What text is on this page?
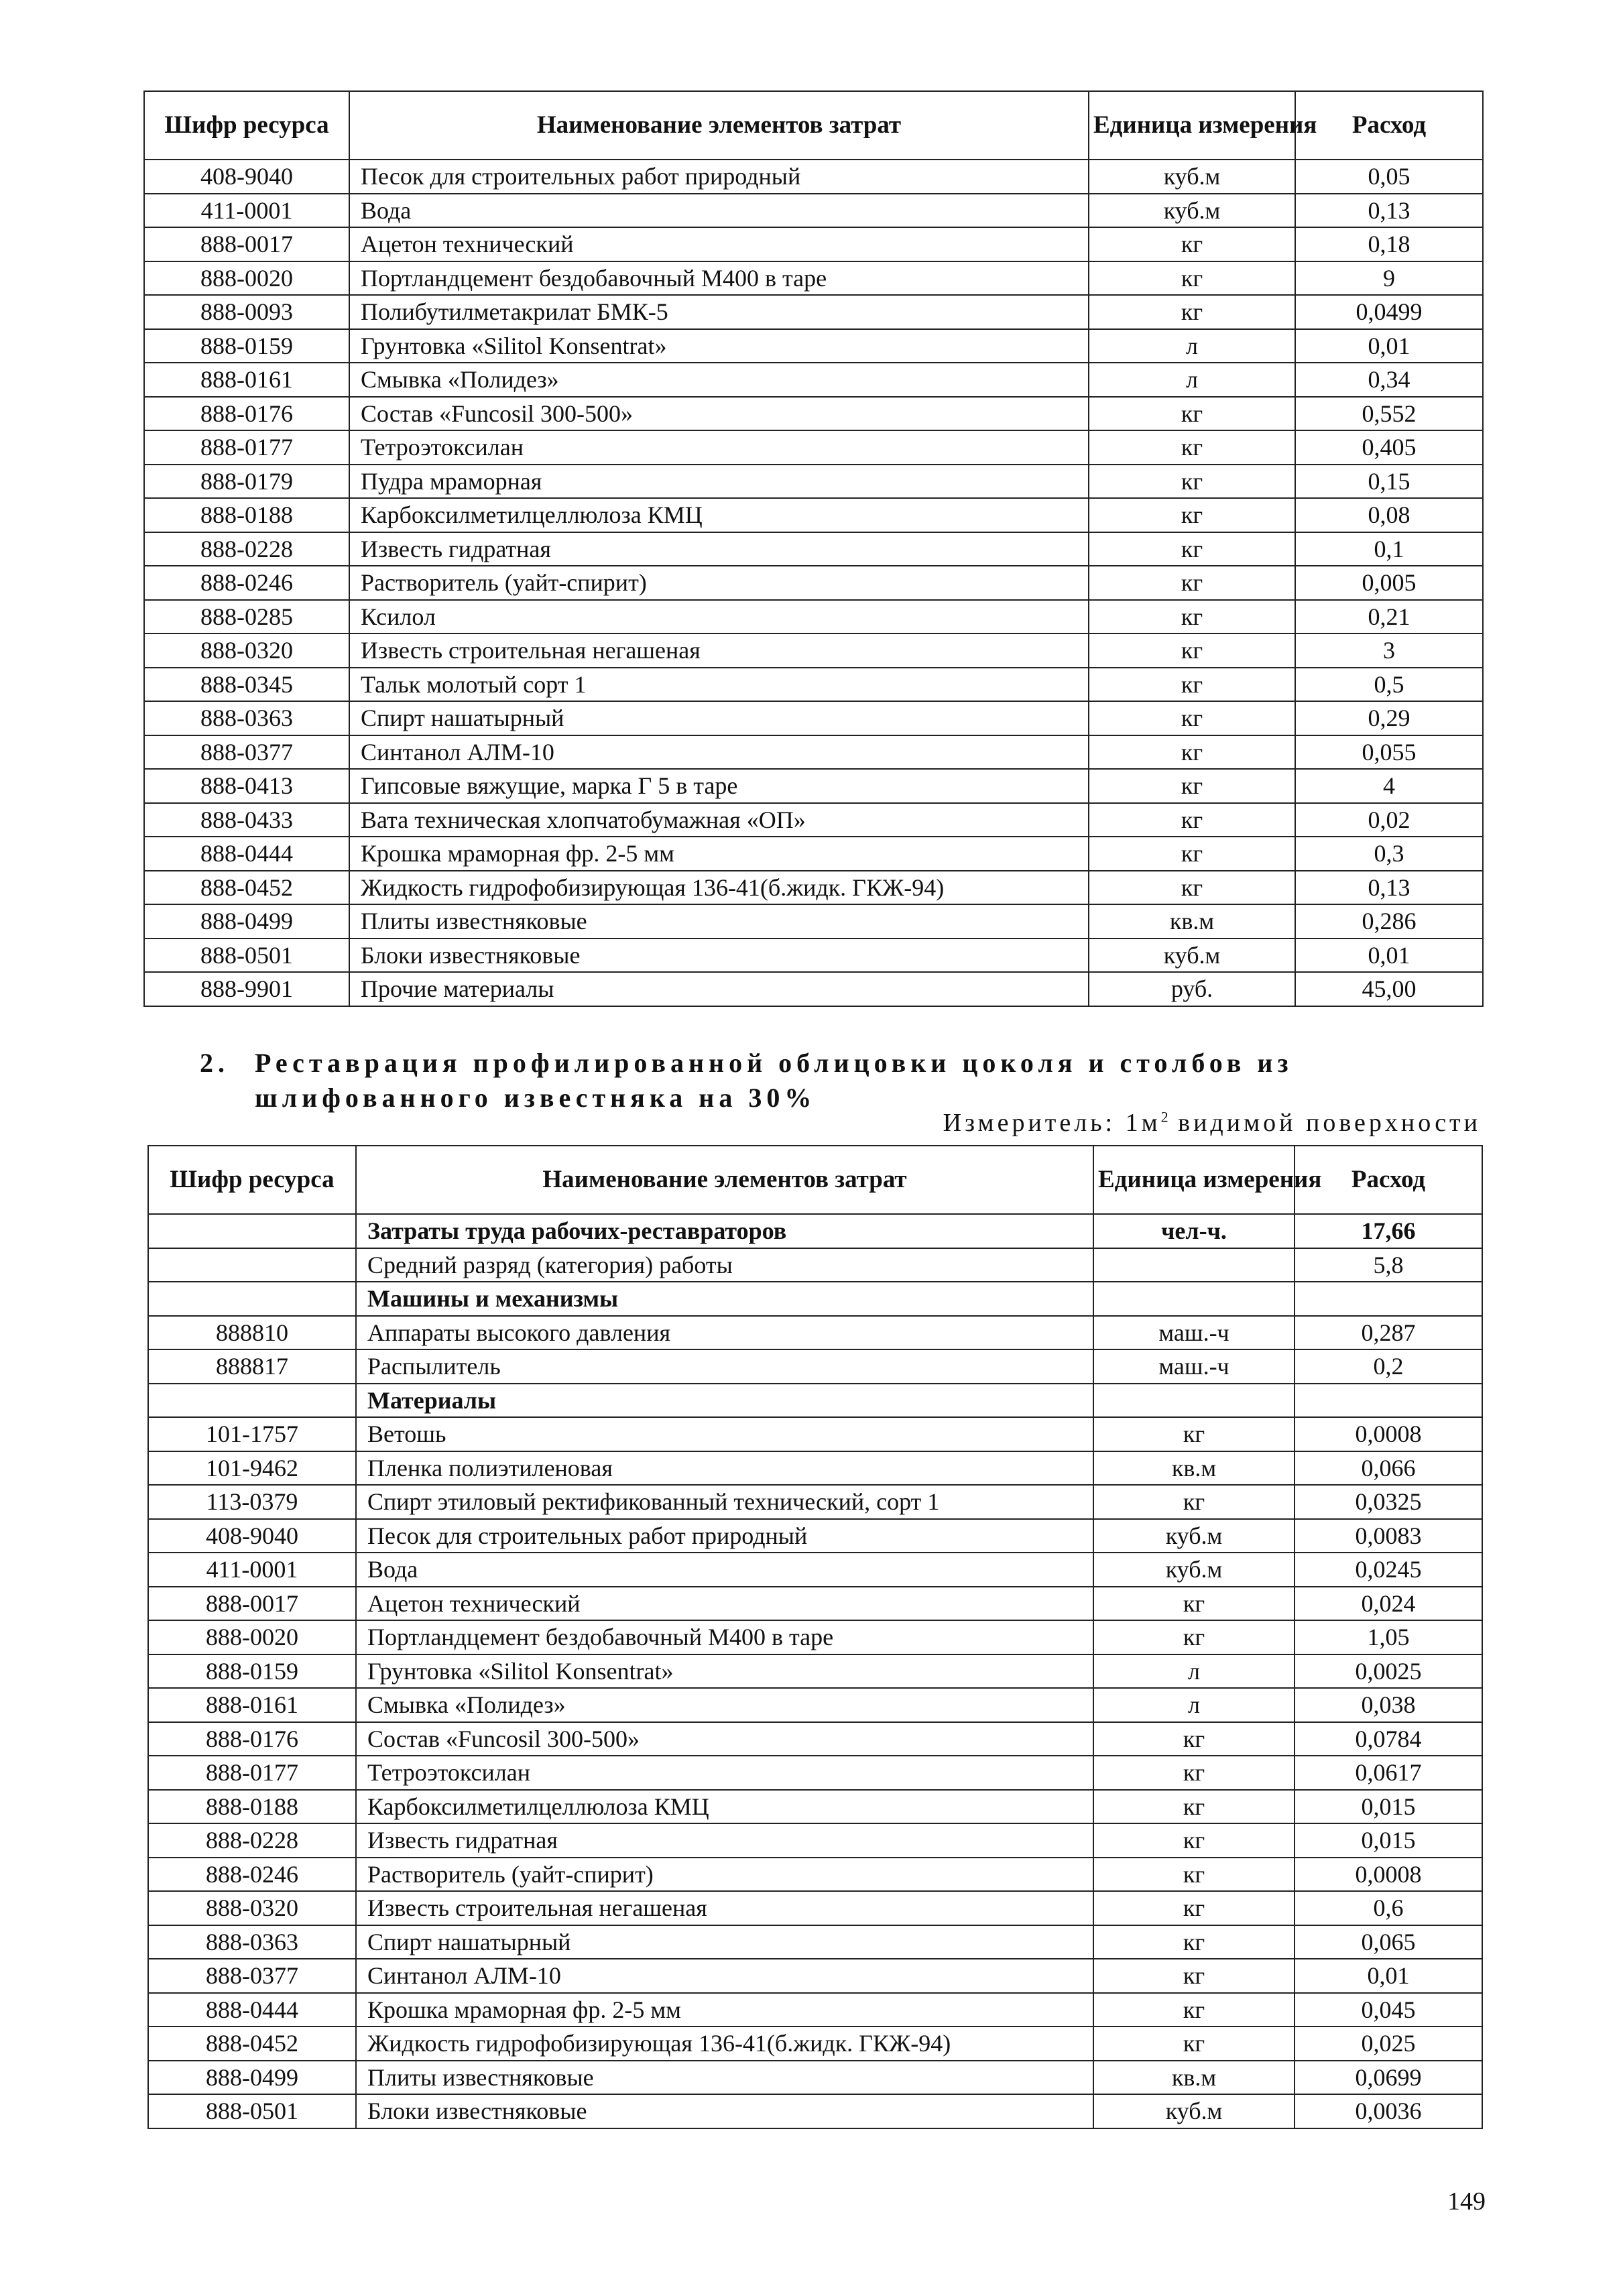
Шифр ресурса	Наименование элементов затрат	Единица измерения	Расход
408-9040	Песок для строительных работ природный	куб.м	0,05
411-0001	Вода	куб.м	0,13
888-0017	Ацетон технический	кг	0,18
888-0020	Портландцемент бездобавочный М400 в таре	кг	9
888-0093	Полибутилметакрилат БМК-5	кг	0,0499
888-0159	Грунтовка «Silitol Konsentrat»	л	0,01
888-0161	Смывка «Полидез»	л	0,34
888-0176	Состав «Funcosil 300-500»	кг	0,552
888-0177	Тетроэтоксилан	кг	0,405
888-0179	Пудра мраморная	кг	0,15
888-0188	Карбоксилметилцеллюлоза КМЦ	кг	0,08
888-0228	Известь гидратная	кг	0,1
888-0246	Растворитель (уайт-спирит)	кг	0,005
888-0285	Ксилол	кг	0,21
888-0320	Известь строительная негашеная	кг	3
888-0345	Тальк молотый сорт 1	кг	0,5
888-0363	Спирт нашатырный	кг	0,29
888-0377	Синтанол АЛМ-10	кг	0,055
888-0413	Гипсовые вяжущие, марка Г 5 в таре	кг	4
888-0433	Вата техническая хлопчатобумажная «ОП»	кг	0,02
888-0444	Крошка мраморная фр. 2-5 мм	кг	0,3
888-0452	Жидкость гидрофобизирующая 136-41(б.жидк. ГКЖ-94)	кг	0,13
888-0499	Плиты известняковые	кв.м	0,286
888-0501	Блоки известняковые	куб.м	0,01
888-9901	Прочие материалы	руб.	45,00
2. Реставрация профилированной облицовки цоколя и столбов из шлифованного известняка на 30%
Измеритель: $1м^2$ видимой поверхности
Шифр ресурса	Наименование элементов затрат	Единица измерения	Расход
	Затраты труда рабочих-реставраторов	чел-ч.	17,66
	Средний разряд (категория) работы		5,8
	Машины и механизмы		
888810	Аппараты высокого давления	маш.-ч	0,287
888817	Распылитель	маш.-ч	0,2
	Материалы		
101-1757	Ветошь	кг	0,0008
101-9462	Пленка полиэтиленовая	кв.м	0,066
113-0379	Спирт этиловый ректификованный технический, сорт 1	кг	0,0325
408-9040	Песок для строительных работ природный	куб.м	0,0083
411-0001	Вода	куб.м	0,0245
888-0017	Ацетон технический	кг	0,024
888-0020	Портландцемент бездобавочный М400 в таре	кг	1,05
888-0159	Грунтовка «Silitol Konsentrat»	л	0,0025
888-0161	Смывка «Полидез»	л	0,038
888-0176	Состав «Funcosil 300-500»	кг	0,0784
888-0177	Тетроэтоксилан	кг	0,0617
888-0188	Карбоксилметилцеллюлоза КМЦ	кг	0,015
888-0228	Известь гидратная	кг	0,015
888-0246	Растворитель (уайт-спирит)	кг	0,0008
888-0320	Известь строительная негашеная	кг	0,6
888-0363	Спирт нашатырный	кг	0,065
888-0377	Синтанол АЛМ-10	кг	0,01
888-0444	Крошка мраморная фр. 2-5 мм	кг	0,045
888-0452	Жидкость гидрофобизирующая 136-41(б.жидк. ГКЖ-94)	кг	0,025
888-0499	Плиты известняковые	кв.м	0,0699
888-0501	Блоки известняковые	куб.м	0,0036
149
